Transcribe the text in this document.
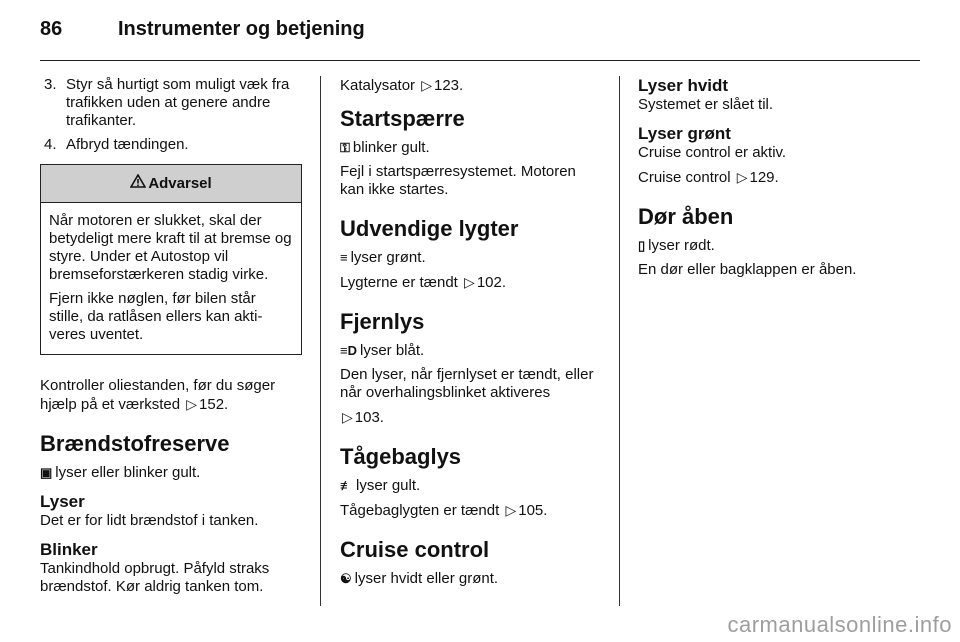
86	Instrumenter og betjening
3. Styr så hurtigt som muligt væk fra trafikken uden at genere andre trafikanter.
4. Afbryd tændingen.
Advarsel

Når motoren er slukket, skal der betydeligt mere kraft til at bremse og styre. Under et Autostop vil bremseforstærkeren stadig virke.

Fjern ikke nøglen, før bilen står stille, da ratlåsen ellers kan aktiveres uventet.

Kontroller oliestanden, før du søger hjælp på et værksted ▷ 152.

Brændstofreserve

▣ lyser eller blinker gult.

Lyser

Det er for lidt brændstof i tanken.

Blinker

Tankindhold opbrugt. Påfyld straks brændstof. Kør aldrig tanken tom.

Katalysator ▷ 123.

Startspærre

⚿ blinker gult.

Fejl i startspærresystemet. Motoren kan ikke startes.

Udvendige lygter

≡ lyser grønt.

Lygterne er tændt ▷ 102.

Fjernlys

≡D lyser blåt.

Den lyser, når fjernlyset er tændt, eller når overhalingsblinket aktiveres

▷ 103.

Tågebaglys

≢ lyser gult.

Tågebaglygten er tændt ▷ 105.

Cruise control

☯ lyser hvidt eller grønt.

Lyser hvidt

Systemet er slået til.

Lyser grønt

Cruise control er aktiv.

Cruise control ▷ 129.

Dør åben

▯ lyser rødt.

En dør eller bagklappen er åben.

carmanualsonline.info
